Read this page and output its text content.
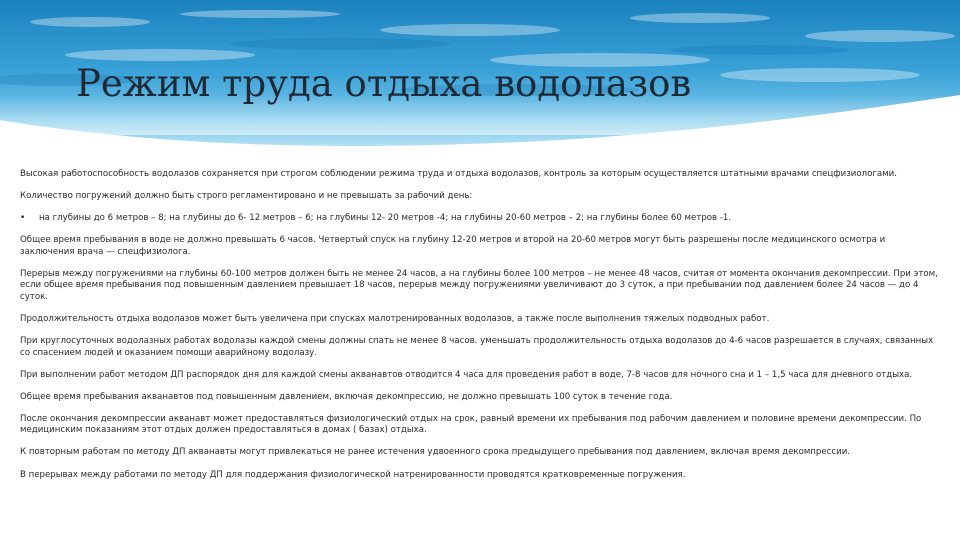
Режим труда отдыха водолазов

Высокая работоспособность водолазов сохраняется при строгом соблюдении режима труда и отдыха водолазов, контроль за которым осуществляется штатными врачами спецфизиологами.

Количество погружений должно быть строго регламентировано и не превышать за рабочий день:

•	на глубины до 6 метров – 8; на глубины до 6- 12 метров – 6; на глубины 12- 20 метров -4; на глубины 20-60 метров – 2; на глубины более 60 метров -1.

Общее время пребывания в воде не должно превышать 6 часов. Четвертый спуск на глубину 12-20 метров и второй на 20-60 метров могут быть разрешены после медицинского осмотра и заключения врача — спецфизиолога.

Перерыв между погружениями на глубины 60-100 метров должен быть не менее 24 часов, а на глубины более 100 метров – не менее 48 часов, считая от момента окончания декомпрессии. При этом, если общее время пребывания под повышенным давлением превышает 18 часов, перерыв между погружениями увеличивают до 3 суток, а при пребывании под давлением более 24 часов — до 4 суток.

Продолжительность отдыха водолазов может быть увеличена при спусках малотренированных водолазов, а также после выполнения тяжелых подводных работ.

При круглосуточных водолазных работах водолазы каждой смены должны спать не менее 8 часов. уменьшать продолжительность отдыха водолазов до 4-6 часов разрешается в случаях, связанных со спасением людей и оказанием помощи аварийному водолазу.

При выполнении работ методом ДП распорядок дня для каждой смены акванавтов отводится 4 часа для проведения работ в воде, 7-8 часов для ночного сна и 1 – 1,5 часа для дневного отдыха.

Общее время пребывания акванавтов под повышенным давлением, включая декомпрессию, не должно превышать 100 суток в течение года.

После окончания декомпрессии акванавт может предоставляться физиологический отдых на срок, равный времени их пребывания под рабочим давлением и половине времени декомпрессии. По медицинским показаниям этот отдых должен предоставляться в домах ( базах) отдыха.

К повторным работам по методу ДП акванавты могут привлекаться не ранее истечения удвоенного срока предыдущего пребывания под давлением, включая время декомпрессии.

В перерывах между работами по методу ДП для поддержания физиологической натренированности проводятся кратковременные погружения.
